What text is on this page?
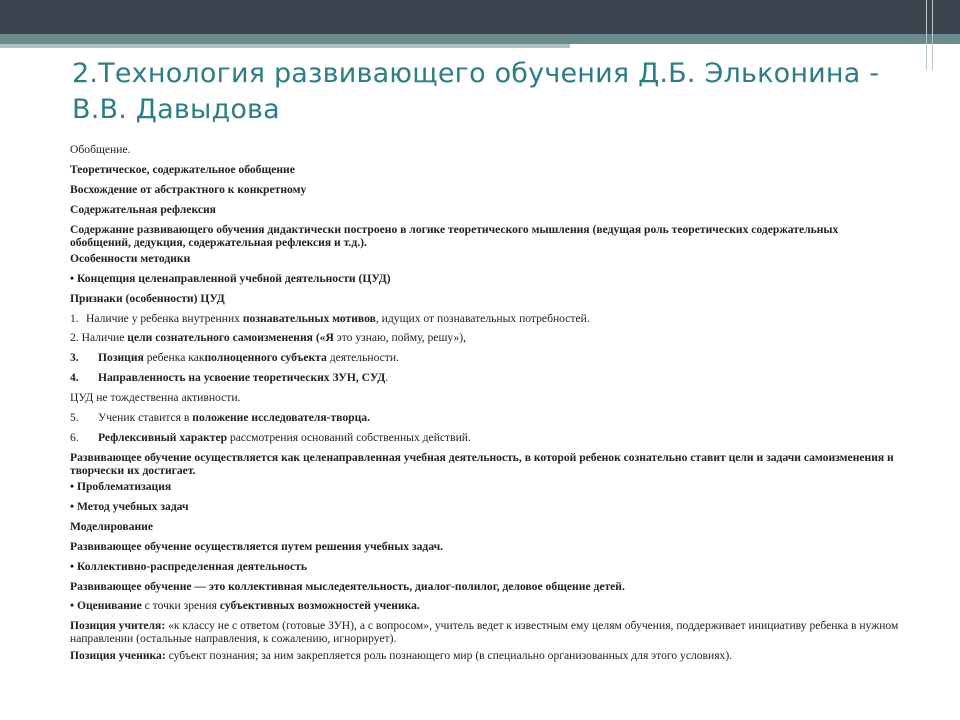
2.Технология развивающего обучения Д.Б. Эльконина - В.В. Давыдова

Обобщение.

Теоретическое, содержательное обобщение

Восхождение от абстрактного к конкретному

Содержательная рефлексия

Содержание развивающего обучения дидактически построено в логике теоретического мышления (ведущая роль теоретических содержательных обобщений, дедукция, содержательная рефлексия и т.д.).

Особенности методики

• Концепция целенаправленной учебной деятельности (ЦУД)

Признаки (особенности) ЦУД

1. Наличие у ребенка внутренних познавательных мотивов, идущих от познавательных потребностей.

2. Наличие цели сознательного самоизменения («Я это узнаю, пойму, решу»),

3. Позиция ребенка какполноценного субъекта деятельности.

4. Направленность на усвоение теоретических ЗУН, СУД.

ЦУД не тождественна активности.

5. Ученик ставится в положение исследователя-творца.

6. Рефлексивный характер рассмотрения оснований собственных действий.

Развивающее обучение осуществляется как целенаправленная учебная деятельность, в которой ребенок сознательно ставит цели и задачи самоизменения и творчески их достигает.

• Проблематизация

• Метод учебных задач

Моделирование

Развивающее обучение осуществляется путем решения учебных задач.

• Коллективно-распределенная деятельность

Развивающее обучение — это коллективная мыследеятельность, диалог-полилог, деловое общение детей.

• Оценивание с точки зрения субъективных возможностей ученика.

Позиция учителя: «к классу не с ответом (готовые ЗУН), а с вопросом», учитель ведет к известным ему целям обучения, поддерживает инициативу ребенка в нужном направлении (остальные направления, к сожалению, игнорирует).

Позиция ученика: субъект познания; за ним закрепляется роль познающего мир (в специально организованных для этого условиях).
